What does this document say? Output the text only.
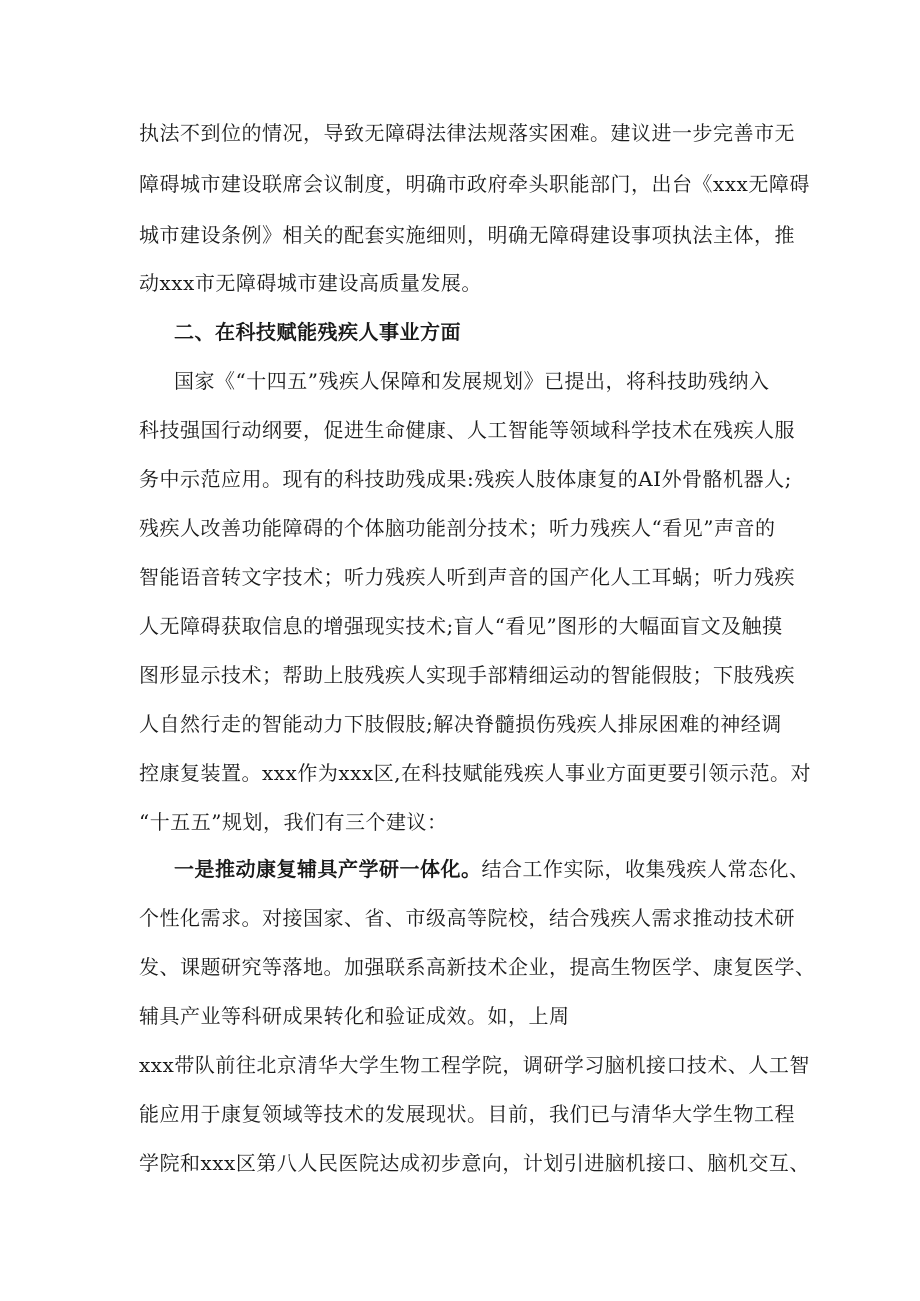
执法不到位的情况，导致无障碍法律法规落实困难。建议进一步完善市无
障碍城市建设联席会议制度，明确市政府牵头职能部门，出台《xxx无障碍
城市建设条例》相关的配套实施细则，明确无障碍建设事项执法主体，推
动xxx市无障碍城市建设高质量发展。
二、在科技赋能残疾人事业方面
国家《“十四五”残疾人保障和发展规划》已提出，将科技助残纳入
科技强国行动纲要，促进生命健康、人工智能等领域科学技术在残疾人服
务中示范应用。现有的科技助残成果:残疾人肢体康复的AI外骨骼机器人;
残疾人改善功能障碍的个体脑功能剖分技术；听力残疾人“看见”声音的
智能语音转文字技术；听力残疾人听到声音的国产化人工耳蜗；听力残疾
人无障碍获取信息的增强现实技术;盲人“看见”图形的大幅面盲文及触摸
图形显示技术；帮助上肢残疾人实现手部精细运动的智能假肢；下肢残疾
人自然行走的智能动力下肢假肢;解决脊髓损伤残疾人排尿困难的神经调
控康复装置。xxx作为xxx区,在科技赋能残疾人事业方面更要引领示范。对
“十五五”规划，我们有三个建议：
一是推动康复辅具产学研一体化。结合工作实际，收集残疾人常态化、
个性化需求。对接国家、省、市级高等院校，结合残疾人需求推动技术研
发、课题研究等落地。加强联系高新技术企业，提高生物医学、康复医学、
辅具产业等科研成果转化和验证成效。如，上周
xxx带队前往北京清华大学生物工程学院，调研学习脑机接口技术、人工智
能应用于康复领域等技术的发展现状。目前，我们已与清华大学生物工程
学院和xxx区第八人民医院达成初步意向，计划引进脑机接口、脑机交互、
